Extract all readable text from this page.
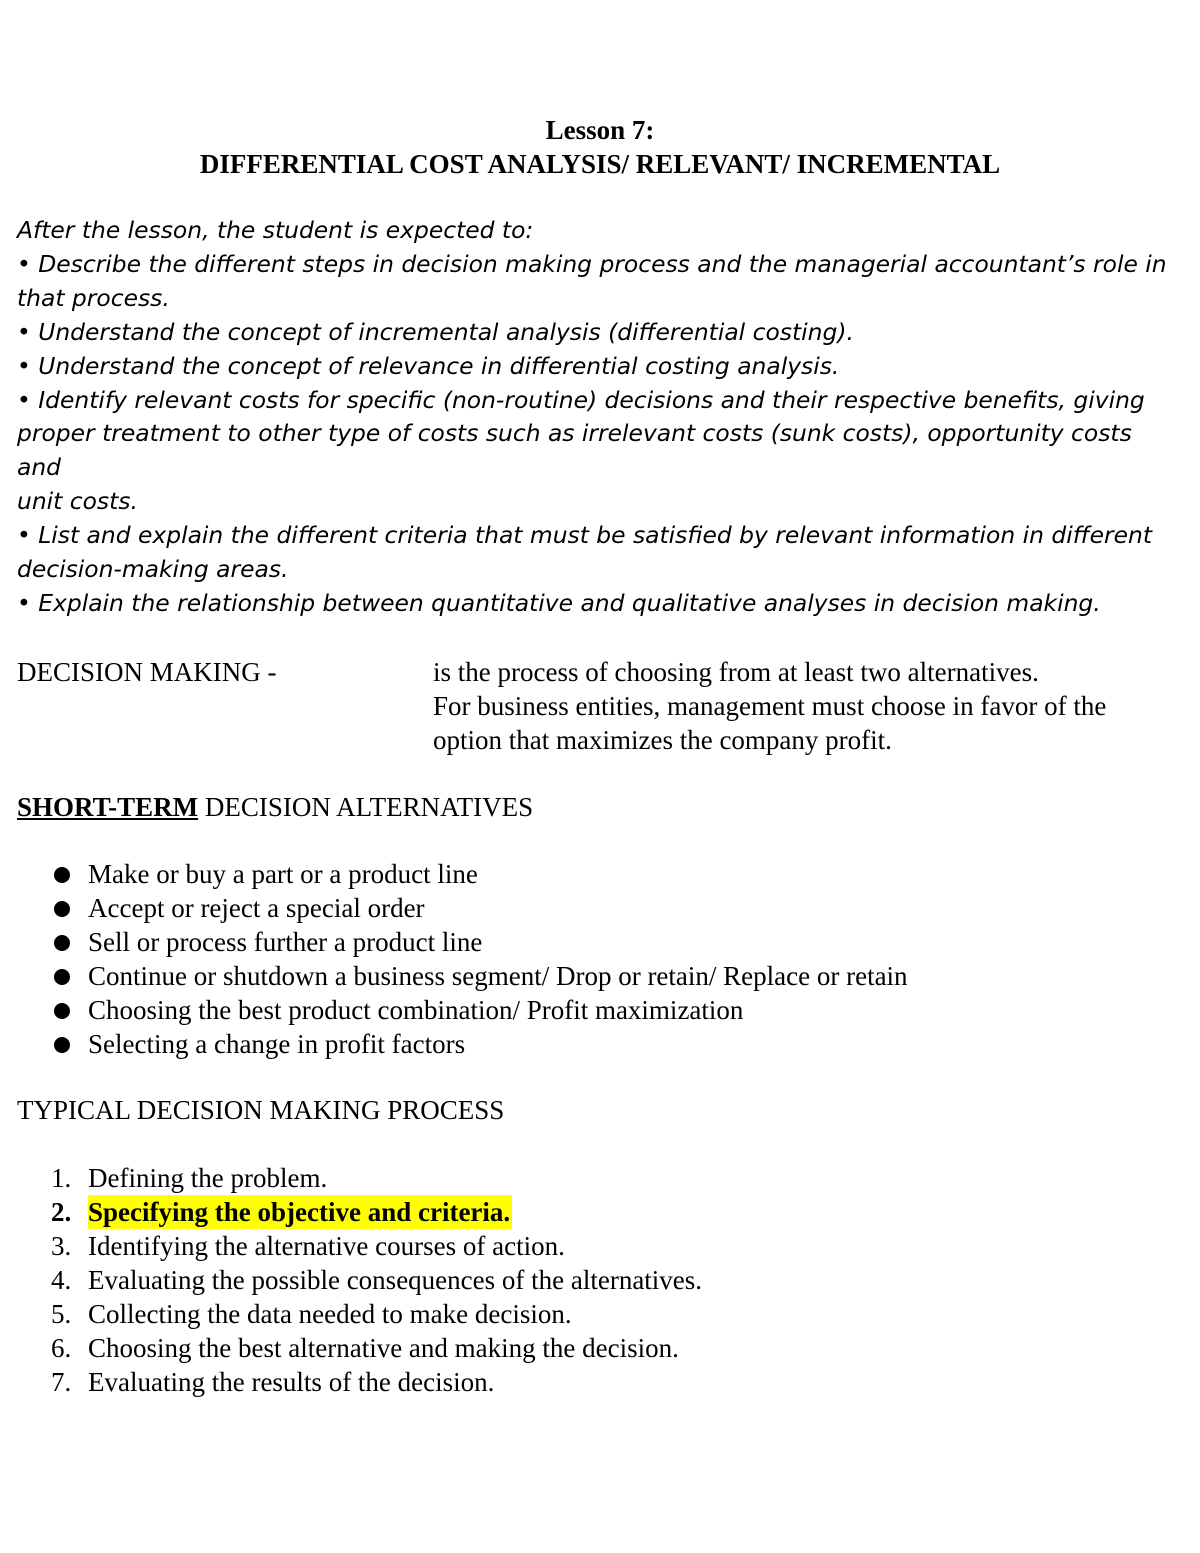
Lesson 7:
DIFFERENTIAL COST ANALYSIS/ RELEVANT/ INCREMENTAL
After the lesson, the student is expected to:
• Describe the different steps in decision making process and the managerial accountant’s role in
that process.
• Understand the concept of incremental analysis (differential costing).
• Understand the concept of relevance in differential costing analysis.
• Identify relevant costs for specific (non-routine) decisions and their respective benefits, giving
proper treatment to other type of costs such as irrelevant costs (sunk costs), opportunity costs and
unit costs.
• List and explain the different criteria that must be satisfied by relevant information in different
decision-making areas.
• Explain the relationship between quantitative and qualitative analyses in decision making.
DECISION MAKING -	is the process of choosing from at least two alternatives.
For business entities, management must choose in favor of the
option that maximizes the company profit.
SHORT-TERM DECISION ALTERNATIVES
Make or buy a part or a product line
Accept or reject a special order
Sell or process further a product line
Continue or shutdown a business segment/ Drop or retain/ Replace or retain
Choosing the best product combination/ Profit maximization
Selecting a change in profit factors
TYPICAL DECISION MAKING PROCESS
1. Defining the problem.
2. Specifying the objective and criteria.
3. Identifying the alternative courses of action.
4. Evaluating the possible consequences of the alternatives.
5. Collecting the data needed to make decision.
6. Choosing the best alternative and making the decision.
7. Evaluating the results of the decision.
